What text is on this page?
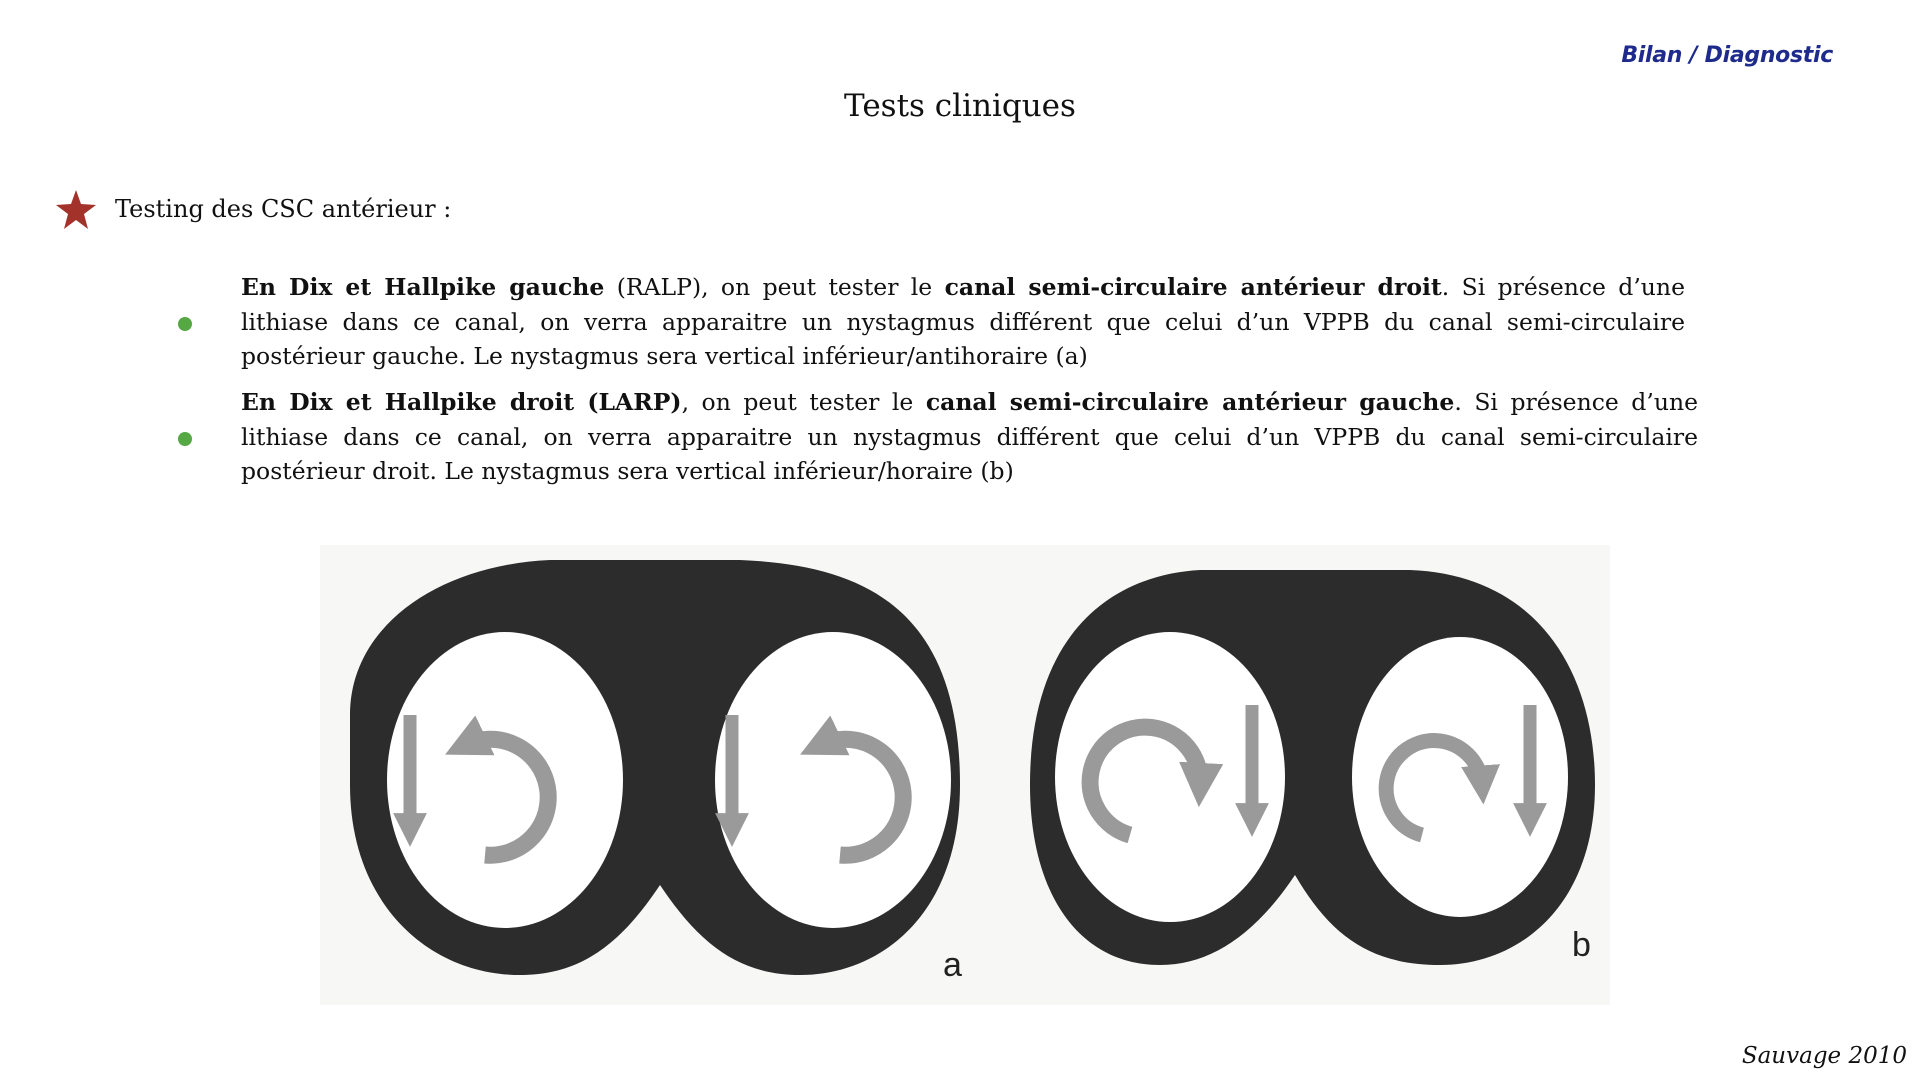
Bilan / Diagnostic
Tests cliniques
Testing des CSC antérieur :
En Dix et Hallpike gauche (RALP), on peut tester le canal semi-circulaire antérieur droit. Si présence d’une lithiase dans ce canal, on verra apparaitre un nystagmus différent que celui d’un VPPB du canal semi-circulaire postérieur gauche. Le nystagmus sera vertical inférieur/antihoraire (a)
En Dix et Hallpike droit (LARP), on peut tester le canal semi-circulaire antérieur gauche. Si présence d’une lithiase dans ce canal, on verra apparaitre un nystagmus différent que celui d’un VPPB du canal semi-circulaire postérieur droit. Le nystagmus sera vertical inférieur/horaire (b)
a
b
Sauvage 2010
